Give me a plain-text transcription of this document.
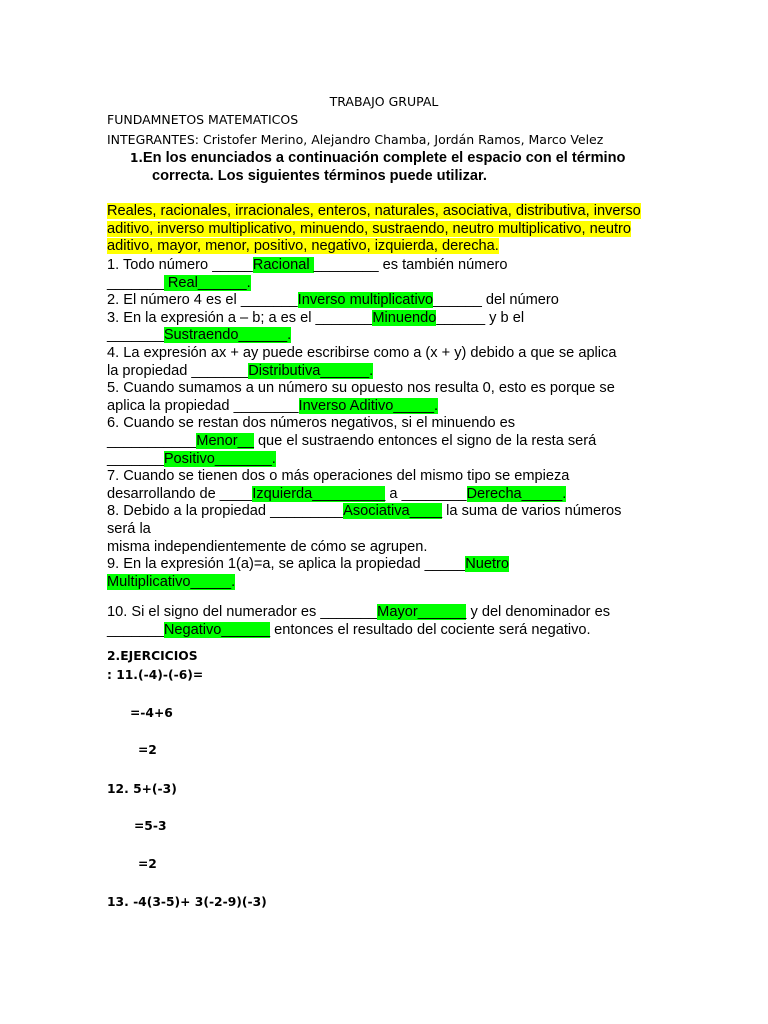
TRABAJO GRUPAL
FUNDAMNETOS MATEMATICOS
INTEGRANTES: Cristofer Merino, Alejandro Chamba, Jordán Ramos, Marco Velez
1.En los enunciados a continuación complete el espacio con el término
correcta. Los siguientes términos puede utilizar.
Reales, racionales, irracionales, enteros, naturales, asociativa, distributiva, inverso aditivo, inverso multiplicativo, minuendo, sustraendo, neutro multiplicativo, neutro aditivo, mayor, menor, positivo, negativo, izquierda, derecha.

1. Todo número _____Racional ________ es también número

_______ Real______.

2. El número 4 es el _______Inverso multiplicativo______ del número

3. En la expresión a – b; a es el _______Minuendo______ y b el

_______Sustraendo______.

4. La expresión ax + ay puede escribirse como a (x + y) debido a que se aplica

la propiedad _______Distributiva______.

5. Cuando sumamos a un número su opuesto nos resulta 0, esto es porque se

aplica la propiedad ________Inverso Aditivo_____.

6. Cuando se restan dos números negativos, si el minuendo es

___________Menor__ que el sustraendo entonces el signo de la resta será

_______Positivo_______.

7. Cuando se tienen dos o más operaciones del mismo tipo se empieza

desarrollando de ____Izquierda_________ a ________Derecha_____.

8. Debido a la propiedad _________Asociativa____ la suma de varios números

será la

misma independientemente de cómo se agrupen.

9. En la expresión 1(a)=a, se aplica la propiedad _____Nuetro

Multiplicativo_____.

10. Si el signo del numerador es _______Mayor______ y del denominador es

_______Negativo______ entonces el resultado del cociente será negativo.

2.EJERCICIOS
: 11.(-4)-(-6)=
=-4+6
=2
12. 5+(-3)
=5-3
=2
13. -4(3-5)+ 3(-2-9)(-3)
